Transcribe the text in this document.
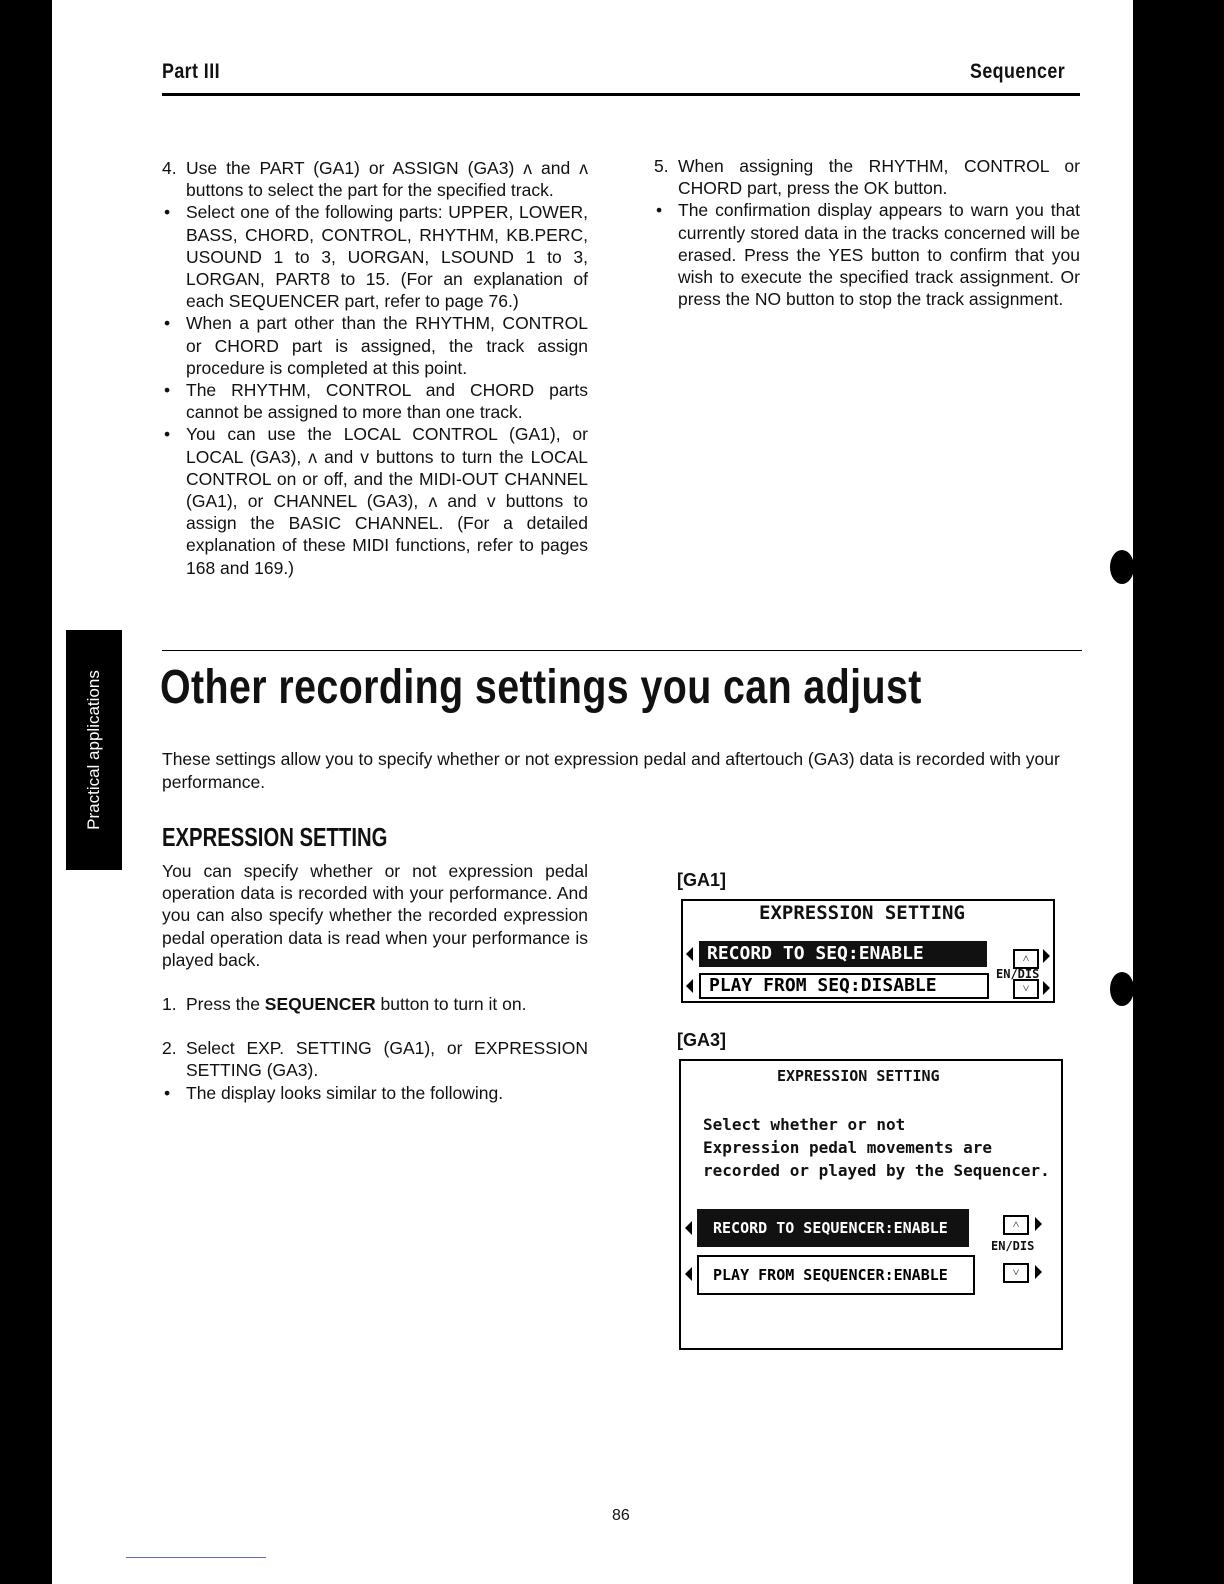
Practical applications
Part III	Sequencer
4. Use the PART (GA1) or ASSIGN (GA3) ʌ and ʌ buttons to select the part for the specified track.
• Select one of the following parts: UPPER, LOWER, BASS, CHORD, CONTROL, RHYTHM, KB.PERC, USOUND 1 to 3, UORGAN, LSOUND 1 to 3, LORGAN, PART8 to 15. (For an explanation of each SEQUENCER part, refer to page 76.)
• When a part other than the RHYTHM, CONTROL or CHORD part is assigned, the track assign procedure is completed at this point.
• The RHYTHM, CONTROL and CHORD parts cannot be assigned to more than one track.
• You can use the LOCAL CONTROL (GA1), or LOCAL (GA3), ʌ and v buttons to turn the LOCAL CONTROL on or off, and the MIDI-OUT CHANNEL (GA1), or CHANNEL (GA3), ʌ and v buttons to assign the BASIC CHANNEL. (For a detailed explanation of these MIDI functions, refer to pages 168 and 169.)
5. When assigning the RHYTHM, CONTROL or CHORD part, press the OK button.
• The confirmation display appears to warn you that currently stored data in the tracks concerned will be erased. Press the YES button to confirm that you wish to execute the specified track assignment. Or press the NO button to stop the track assignment.
Other recording settings you can adjust
These settings allow you to specify whether or not expression pedal and aftertouch (GA3) data is recorded with your performance.
EXPRESSION SETTING

You can specify whether or not expression pedal operation data is recorded with your performance. And you can also specify whether the recorded expression pedal operation data is read when your performance is played back.

1. Press the SEQUENCER button to turn it on.
2. Select EXP. SETTING (GA1), or EXPRESSION SETTING (GA3).
• The display looks similar to the following.
[GA1]
EXPRESSION SETTING
RECORD TO SEQ:ENABLE
PLAY FROM SEQ:DISABLE
˄
˅
EN/DIS
[GA3]
EXPRESSION SETTING
Select whether or not
Expression pedal movements are
recorded or played by the Sequencer.
RECORD TO SEQUENCER:ENABLE
PLAY FROM SEQUENCER:ENABLE
˄
EN/DIS
˅
86
